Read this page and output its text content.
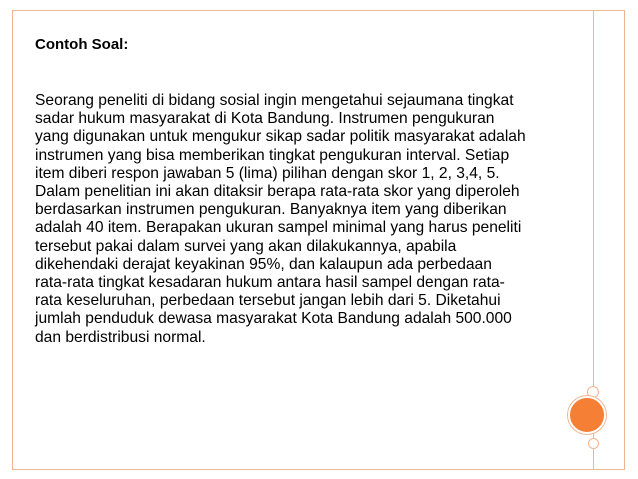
Contoh Soal:

Seorang peneliti di bidang sosial ingin mengetahui sejaumana tingkat
sadar hukum masyarakat di Kota Bandung. Instrumen pengukuran
yang digunakan untuk mengukur sikap sadar politik masyarakat adalah
instrumen yang bisa memberikan tingkat pengukuran interval. Setiap
item diberi respon jawaban 5 (lima) pilihan dengan skor 1, 2, 3,4, 5.
Dalam penelitian ini akan ditaksir berapa rata-rata skor yang diperoleh
berdasarkan instrumen pengukuran. Banyaknya item yang diberikan
adalah 40 item. Berapakan ukuran sampel minimal yang harus peneliti
tersebut pakai dalam survei yang akan dilakukannya, apabila
dikehendaki derajat keyakinan 95%, dan kalaupun ada perbedaan
rata-rata tingkat kesadaran hukum antara hasil sampel dengan rata-
rata keseluruhan, perbedaan tersebut jangan lebih dari 5. Diketahui
jumlah penduduk dewasa masyarakat Kota Bandung adalah 500.000
dan berdistribusi normal.
